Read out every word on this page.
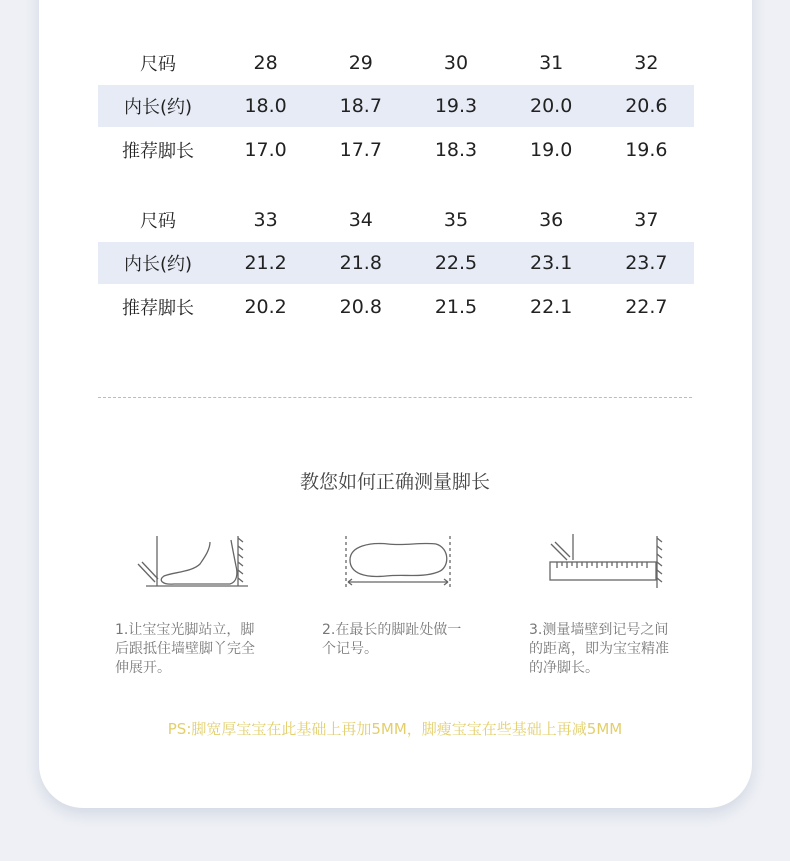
尺码	28	29	30	31	32
内长(约)	18.0	18.7	19.3	20.0	20.6
推荐脚长	17.0	17.7	18.3	19.0	19.6
尺码	33	34	35	36	37
内长(约)	21.2	21.8	22.5	23.1	23.7
推荐脚长	20.2	20.8	21.5	22.1	22.7
教您如何正确测量脚长
1.让宝宝光脚站立，脚
后跟抵住墙壁脚丫完全
伸展开。
2.在最长的脚趾处做一
个记号。
3.测量墙壁到记号之间
的距离，即为宝宝精准
的净脚长。
PS:脚宽厚宝宝在此基础上再加5MM，脚瘦宝宝在些基础上再减5MM
